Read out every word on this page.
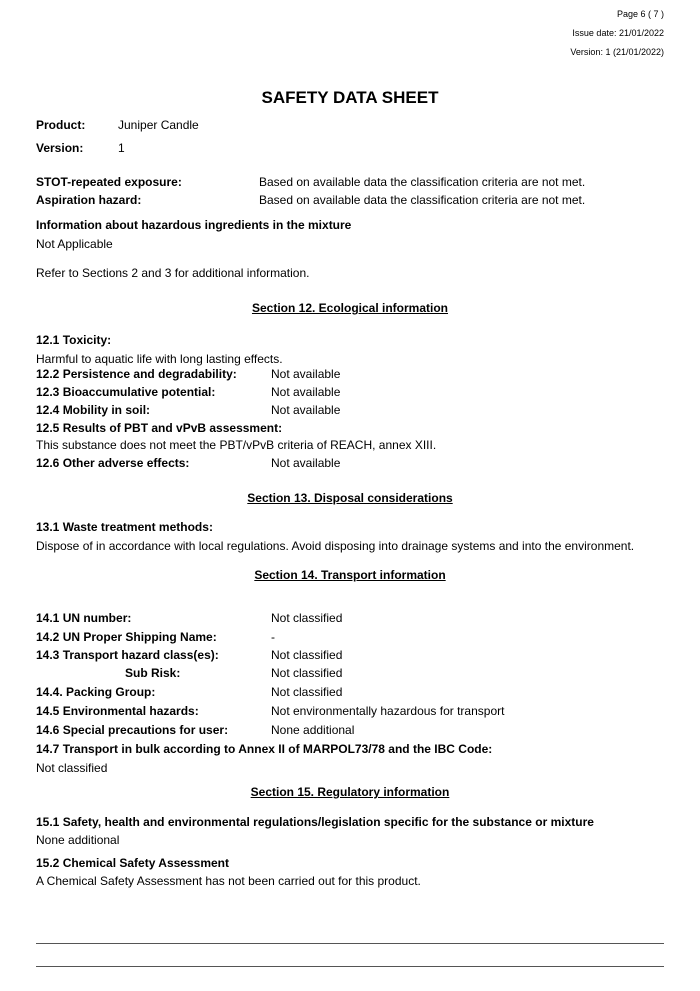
Page 6 ( 7 )
Issue date: 21/01/2022
Version: 1 (21/01/2022)
SAFETY DATA SHEET
Product:	Juniper Candle
Version:	1
STOT-repeated exposure:	Based on available data the classification criteria are not met.
Aspiration hazard:	Based on available data the classification criteria are not met.
Information about hazardous ingredients in the mixture
Not Applicable
Refer to Sections 2 and 3 for additional information.
Section 12. Ecological information
12.1 Toxicity:
Harmful to aquatic life with long lasting effects.
12.2 Persistence and degradability:	Not available
12.3 Bioaccumulative potential:	Not available
12.4 Mobility in soil:	Not available
12.5 Results of PBT and vPvB assessment:
This substance does not meet the PBT/vPvB criteria of REACH, annex XIII.
12.6 Other adverse effects:	Not available
Section 13. Disposal considerations
13.1 Waste treatment methods:
Dispose of in accordance with local regulations. Avoid disposing into drainage systems and into the environment.
Section 14. Transport information
14.1 UN number:	Not classified
14.2 UN Proper Shipping Name:	-
14.3 Transport hazard class(es):	Not classified
Sub Risk:	Not classified
14.4. Packing Group:	Not classified
14.5 Environmental hazards:	Not environmentally hazardous for transport
14.6 Special precautions for user:	None additional
14.7 Transport in bulk according to Annex II of MARPOL73/78 and the IBC Code:
Not classified
Section 15. Regulatory information
15.1 Safety, health and environmental regulations/legislation specific for the substance or mixture
None additional
15.2 Chemical Safety Assessment
A Chemical Safety Assessment has not been carried out for this product.
